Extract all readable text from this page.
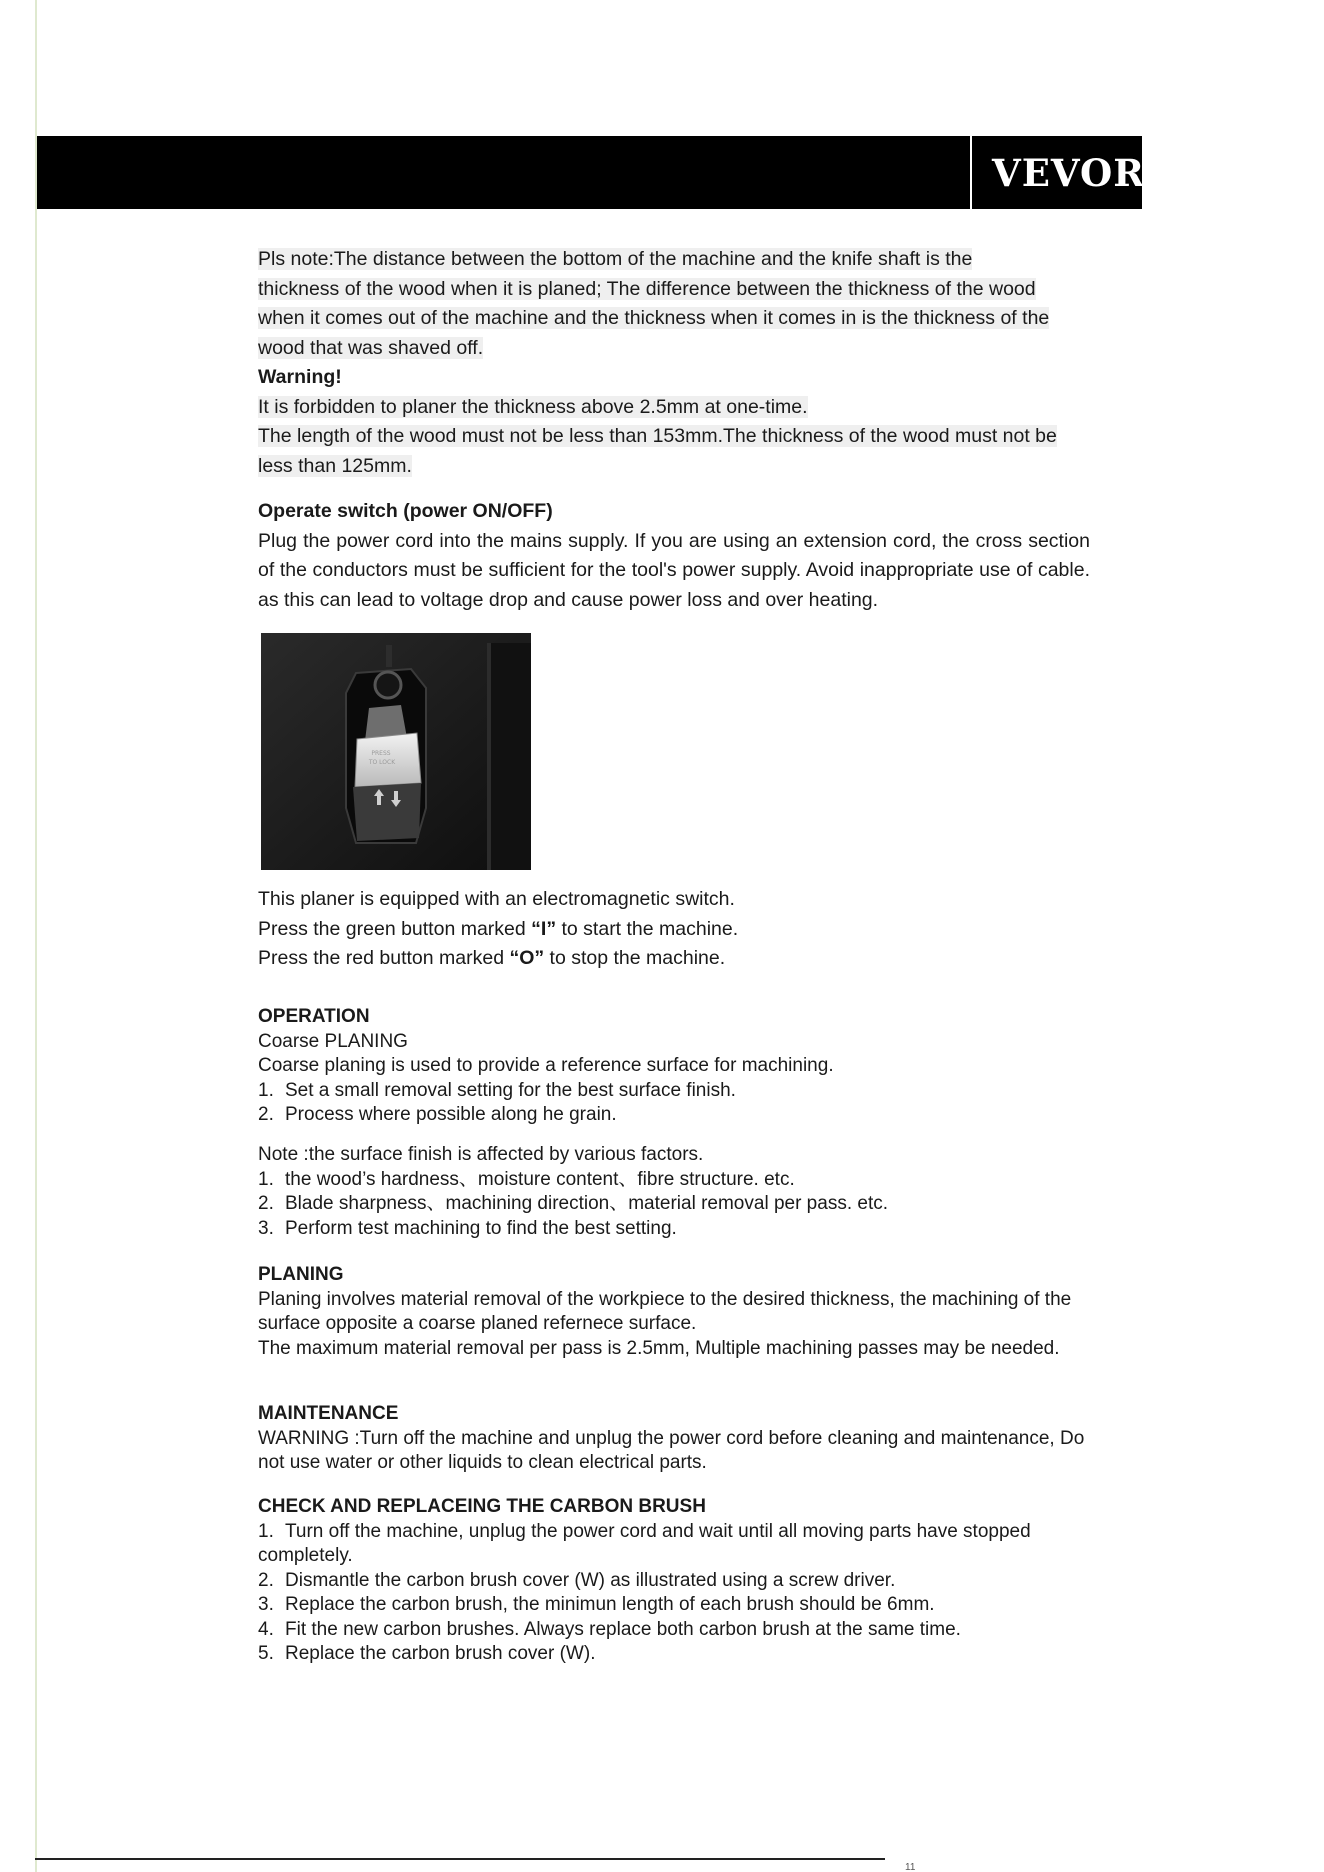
VEVOR	®
Pls note:The distance between the bottom of the machine and the knife shaft is the
thickness of the wood when it is planed; The difference between the thickness of the wood
when it comes out of the machine and the thickness when it comes in is the thickness of the
wood that was shaved off.
Warning!
It is forbidden to planer the thickness above 2.5mm at one-time.
The length of the wood must not be less than 153mm.The thickness of the wood must not be less than 125mm.
Operate switch (power ON/OFF)
Plug the power cord into the mains supply. If you are using an extension cord, the cross section of the conductors must be sufficient for the tool's power supply. Avoid inappropriate use of cable. as this can lead to voltage drop and cause power loss and over heating.
PRESS
TO LOCK
This planer is equipped with an electromagnetic switch.
Press the green button marked “I” to start the machine.
Press the red button marked “O” to stop the machine.
OPERATION
Coarse PLANING
Coarse planing is used to provide a reference surface for machining.
1. Set a small removal setting for the best surface finish.
2. Process where possible along he grain.
Note :the surface finish is affected by various factors.
1. the wood’s hardness、moisture content、fibre structure. etc.
2. Blade sharpness、machining direction、material removal per pass. etc.
3. Perform test machining to find the best setting.
PLANING
Planing involves material removal of the workpiece to the desired thickness, the machining of the surface opposite a coarse planed refernece surface.
The maximum material removal per pass is 2.5mm, Multiple machining passes may be needed.
MAINTENANCE
WARNING :Turn off the machine and unplug the power cord before cleaning and maintenance, Do not use water or other liquids to clean electrical parts.
CHECK AND REPLACEING THE CARBON BRUSH
1. Turn off the machine, unplug the power cord and wait until all moving parts have stopped completely.
2. Dismantle the carbon brush cover (W) as illustrated using a screw driver.
3. Replace the carbon brush, the minimun length of each brush should be 6mm.
4. Fit the new carbon brushes. Always replace both carbon brush at the same time.
5. Replace the carbon brush cover (W).
11
